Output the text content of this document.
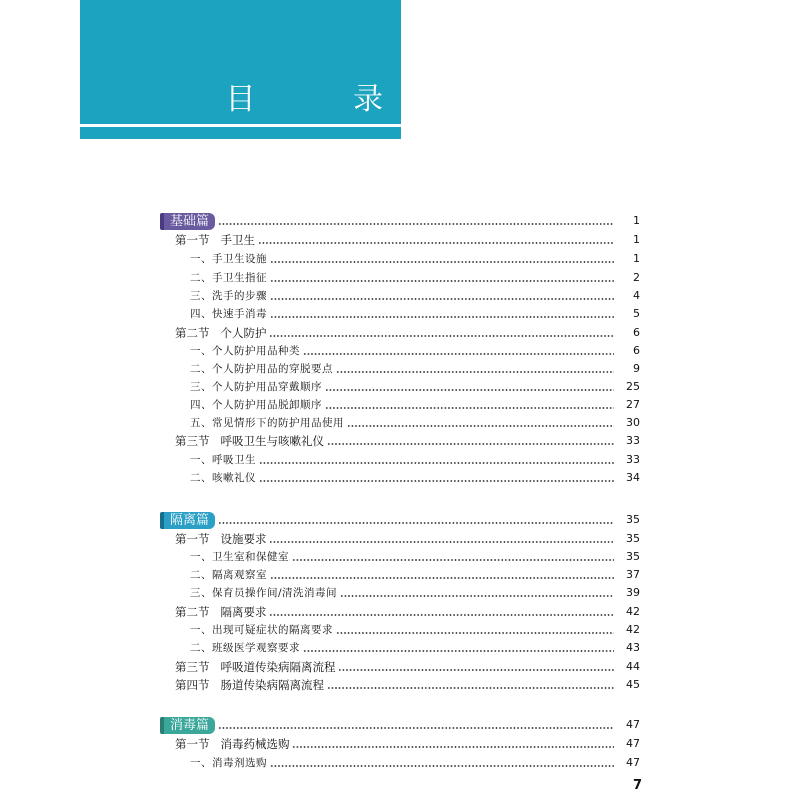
目 录
基础篇	1
第一节   手卫生	1
一、手卫生设施	1
二、手卫生指征	2
三、洗手的步骤	4
四、快速手消毒	5
第二节   个人防护	6
一、个人防护用品种类	6
二、个人防护用品的穿脱要点	9
三、个人防护用品穿戴顺序	25
四、个人防护用品脱卸顺序	27
五、常见情形下的防护用品使用	30
第三节   呼吸卫生与咳嗽礼仪	33
一、呼吸卫生	33
二、咳嗽礼仪	34
隔离篇	35
第一节   设施要求	35
一、卫生室和保健室	35
二、隔离观察室	37
三、保育员操作间/清洗消毒间	39
第二节   隔离要求	42
一、出现可疑症状的隔离要求	42
二、班级医学观察要求	43
第三节   呼吸道传染病隔离流程	44
第四节   肠道传染病隔离流程	45
消毒篇	47
第一节   消毒药械选购	47
一、消毒剂选购	47
7
